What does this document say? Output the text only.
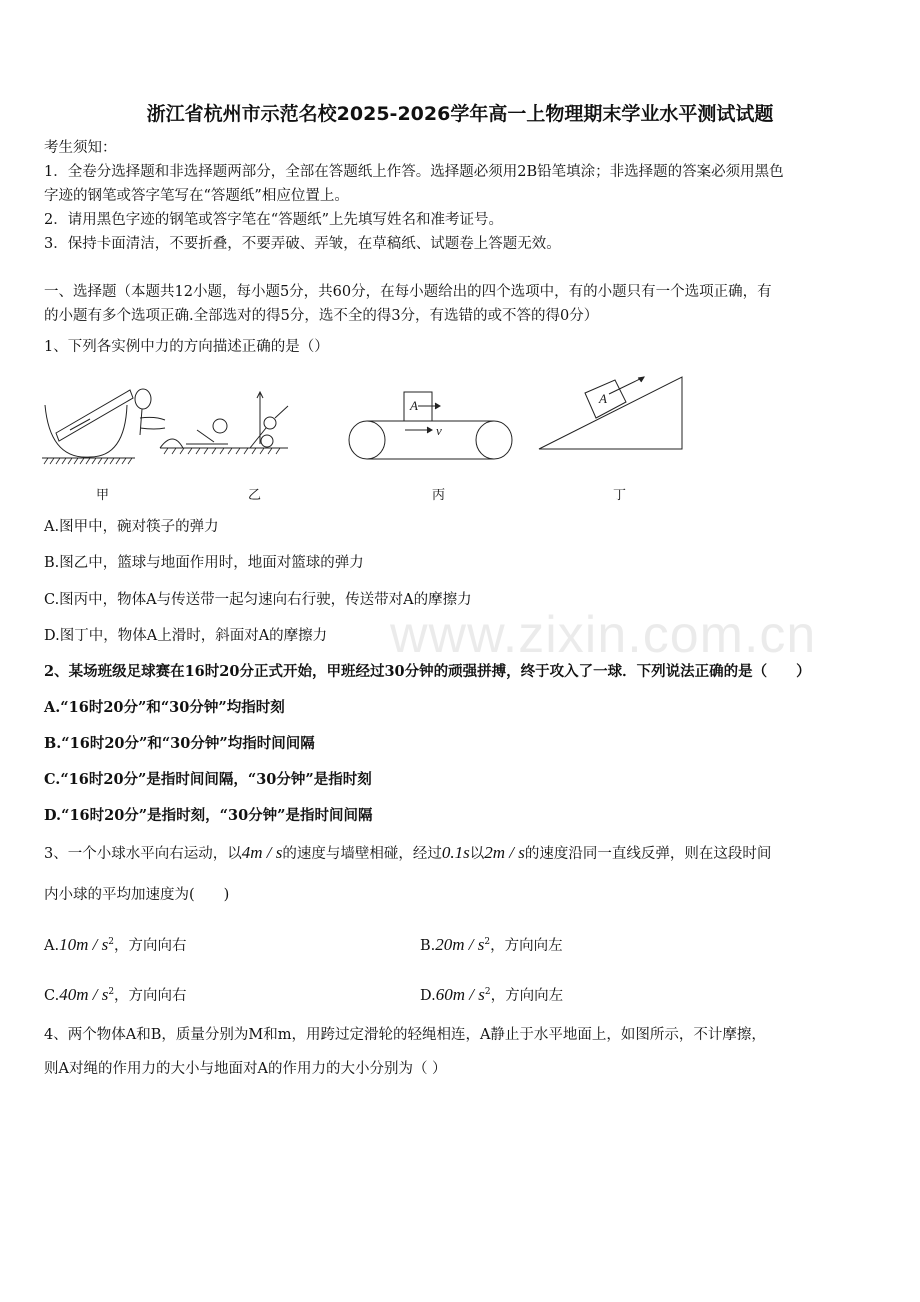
浙江省杭州市示范名校2025-2026学年高一上物理期末学业水平测试试题
考生须知：
1．全卷分选择题和非选择题两部分，全部在答题纸上作答。选择题必须用2B铅笔填涂；非选择题的答案必须用黑色
字迹的钢笔或答字笔写在“答题纸”相应位置上。
2．请用黑色字迹的钢笔或答字笔在“答题纸”上先填写姓名和准考证号。
3．保持卡面清洁，不要折叠，不要弄破、弄皱，在草稿纸、试题卷上答题无效。
一、选择题（本题共12小题，每小题5分，共60分，在每小题给出的四个选项中，有的小题只有一个选项正确，有
的小题有多个选项正确.全部选对的得5分，选不全的得3分，有选错的或不答的得0分）
1、下列各实例中力的方向描述正确的是（）
A
v
A
甲	乙	丙	丁
A.图甲中，碗对筷子的弹力
B.图乙中，篮球与地面作用时，地面对篮球的弹力
C.图丙中，物体A与传送带一起匀速向右行驶，传送带对A的摩擦力
D.图丁中，物体A上滑时，斜面对A的摩擦力 www.zixin.com.cn
2、某场班级足球赛在16时20分正式开始，甲班经过30分钟的顽强拼搏，终于攻入了一球．下列说法正确的是（　　）
A.“16时20分”和“30分钟”均指时刻
B.“16时20分”和“30分钟”均指时间间隔
C.“16时20分”是指时间间隔，“30分钟”是指时刻
D.“16时20分”是指时刻，“30分钟”是指时间间隔
3、一个小球水平向右运动，以4m / s的速度与墙壁相碰，经过0.1s以2m / s的速度沿同一直线反弹，则在这段时间
内小球的平均加速度为(　　)
$A.10m / s^2$，方向向右	$B.20m / s^2$，方向向左
$C.40m / s^2$，方向向右	$D.60m / s^2$，方向向左
4、两个物体A和B，质量分别为M和m，用跨过定滑轮的轻绳相连，A静止于水平地面上，如图所示，不计摩擦，
则A对绳的作用力的大小与地面对A的作用力的大小分别为（ ）
